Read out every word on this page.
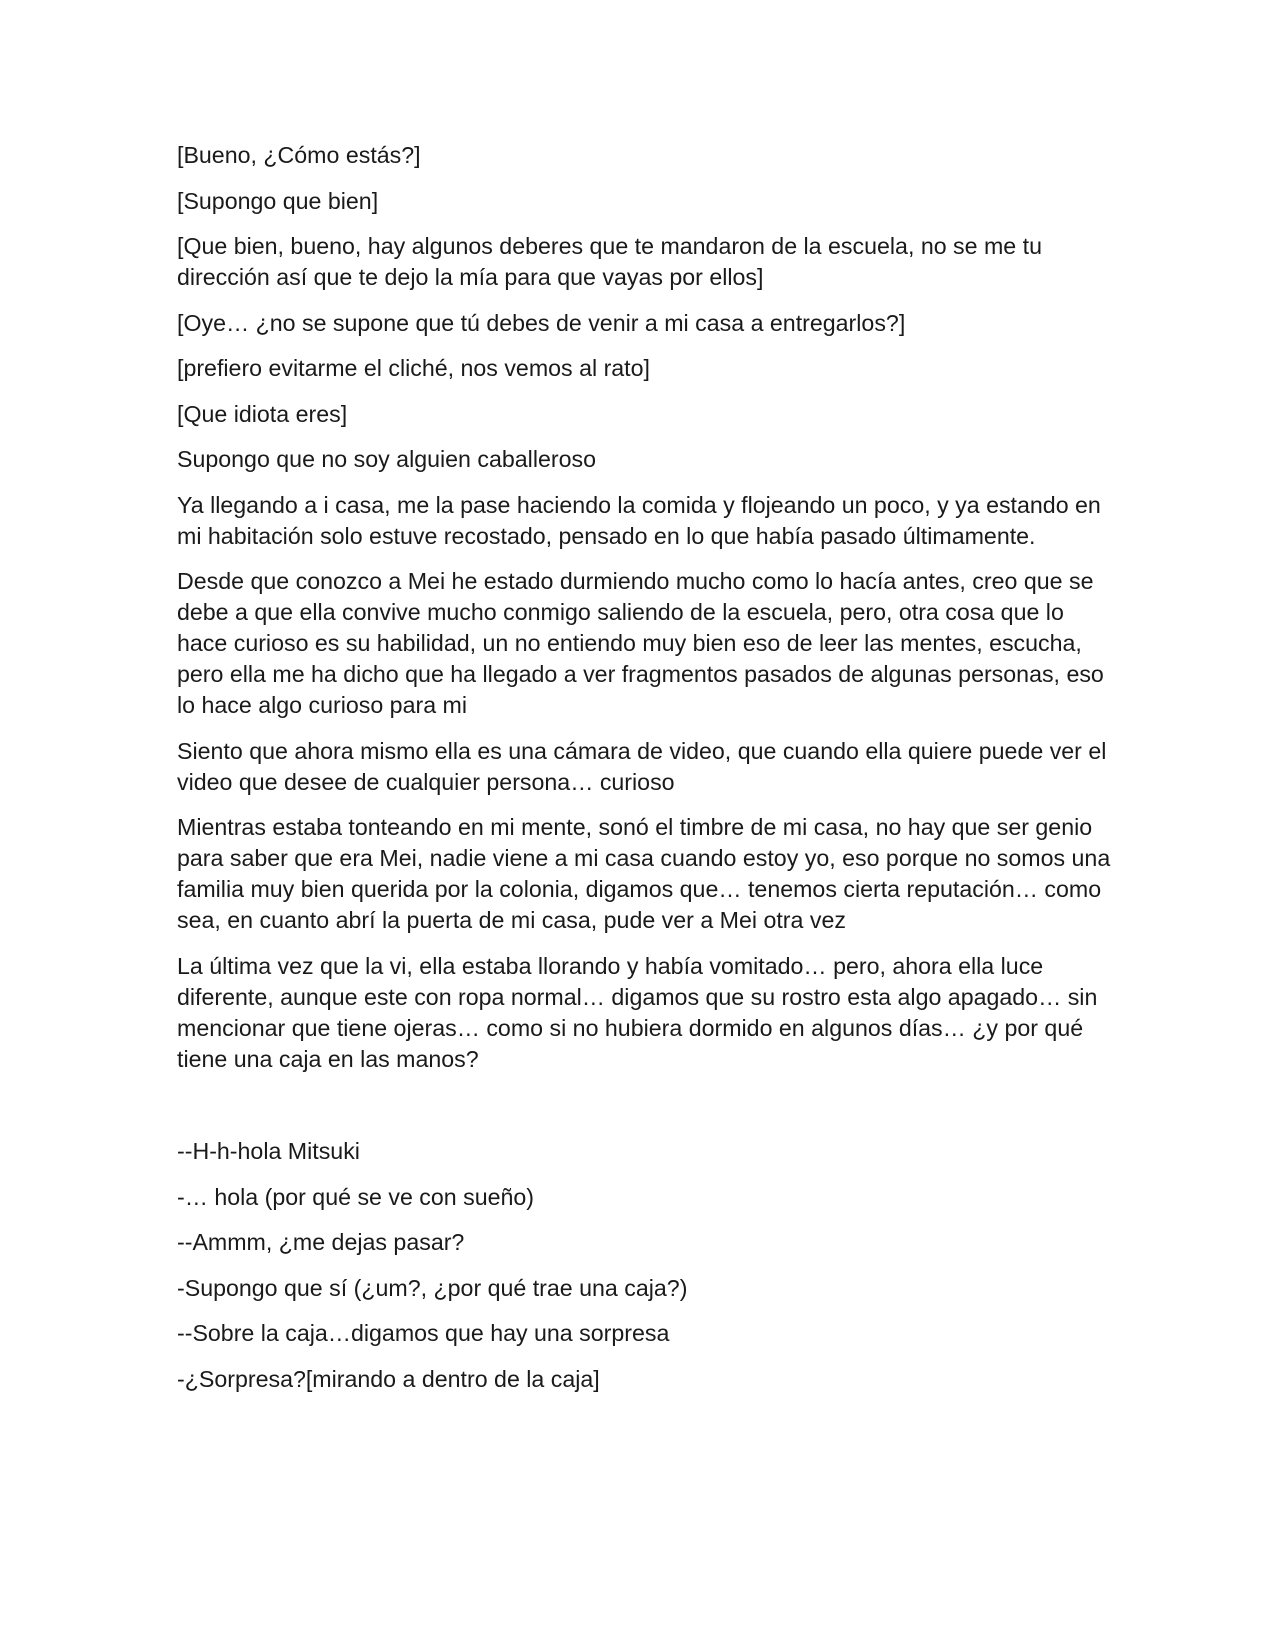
[Bueno, ¿Cómo estás?]

[Supongo que bien]

[Que bien, bueno, hay algunos deberes que te mandaron de la escuela, no se me tu dirección así que te dejo la mía para que vayas por ellos]

[Oye… ¿no se supone que tú debes de venir a mi casa a entregarlos?]

[prefiero evitarme el cliché, nos vemos al rato]

[Que idiota eres]

Supongo que no soy alguien caballeroso

Ya llegando a i casa, me la pase haciendo la comida y flojeando un poco, y ya estando en mi habitación solo estuve recostado, pensado en lo que había pasado últimamente.

Desde que conozco a Mei he estado durmiendo mucho como lo hacía antes, creo que se debe a que ella convive mucho conmigo saliendo de la escuela, pero, otra cosa que lo hace curioso es su habilidad, un no entiendo muy bien eso de leer las mentes, escucha, pero ella me ha dicho que ha llegado a ver fragmentos pasados de algunas personas, eso lo hace algo curioso para mi

Siento que ahora mismo ella es una cámara de video, que cuando ella quiere puede ver el video que desee de cualquier persona… curioso

Mientras estaba tonteando en mi mente, sonó el timbre de mi casa, no hay que ser genio para saber que era Mei, nadie viene a mi casa cuando estoy yo, eso porque no somos una familia muy bien querida por la colonia, digamos que… tenemos cierta reputación… como sea, en cuanto abrí la puerta de mi casa, pude ver a Mei otra vez

La última vez que la vi, ella estaba llorando y había vomitado… pero, ahora ella luce diferente, aunque este con ropa normal… digamos que su rostro esta algo apagado… sin mencionar que tiene ojeras… como si no hubiera dormido en algunos días… ¿y por qué tiene una caja en las manos?

--H-h-hola Mitsuki

-… hola (por qué se ve con sueño)

--Ammm, ¿me dejas pasar?

-Supongo que sí (¿um?, ¿por qué trae una caja?)

--Sobre la caja…digamos que hay una sorpresa

-¿Sorpresa?[mirando a dentro de la caja]
